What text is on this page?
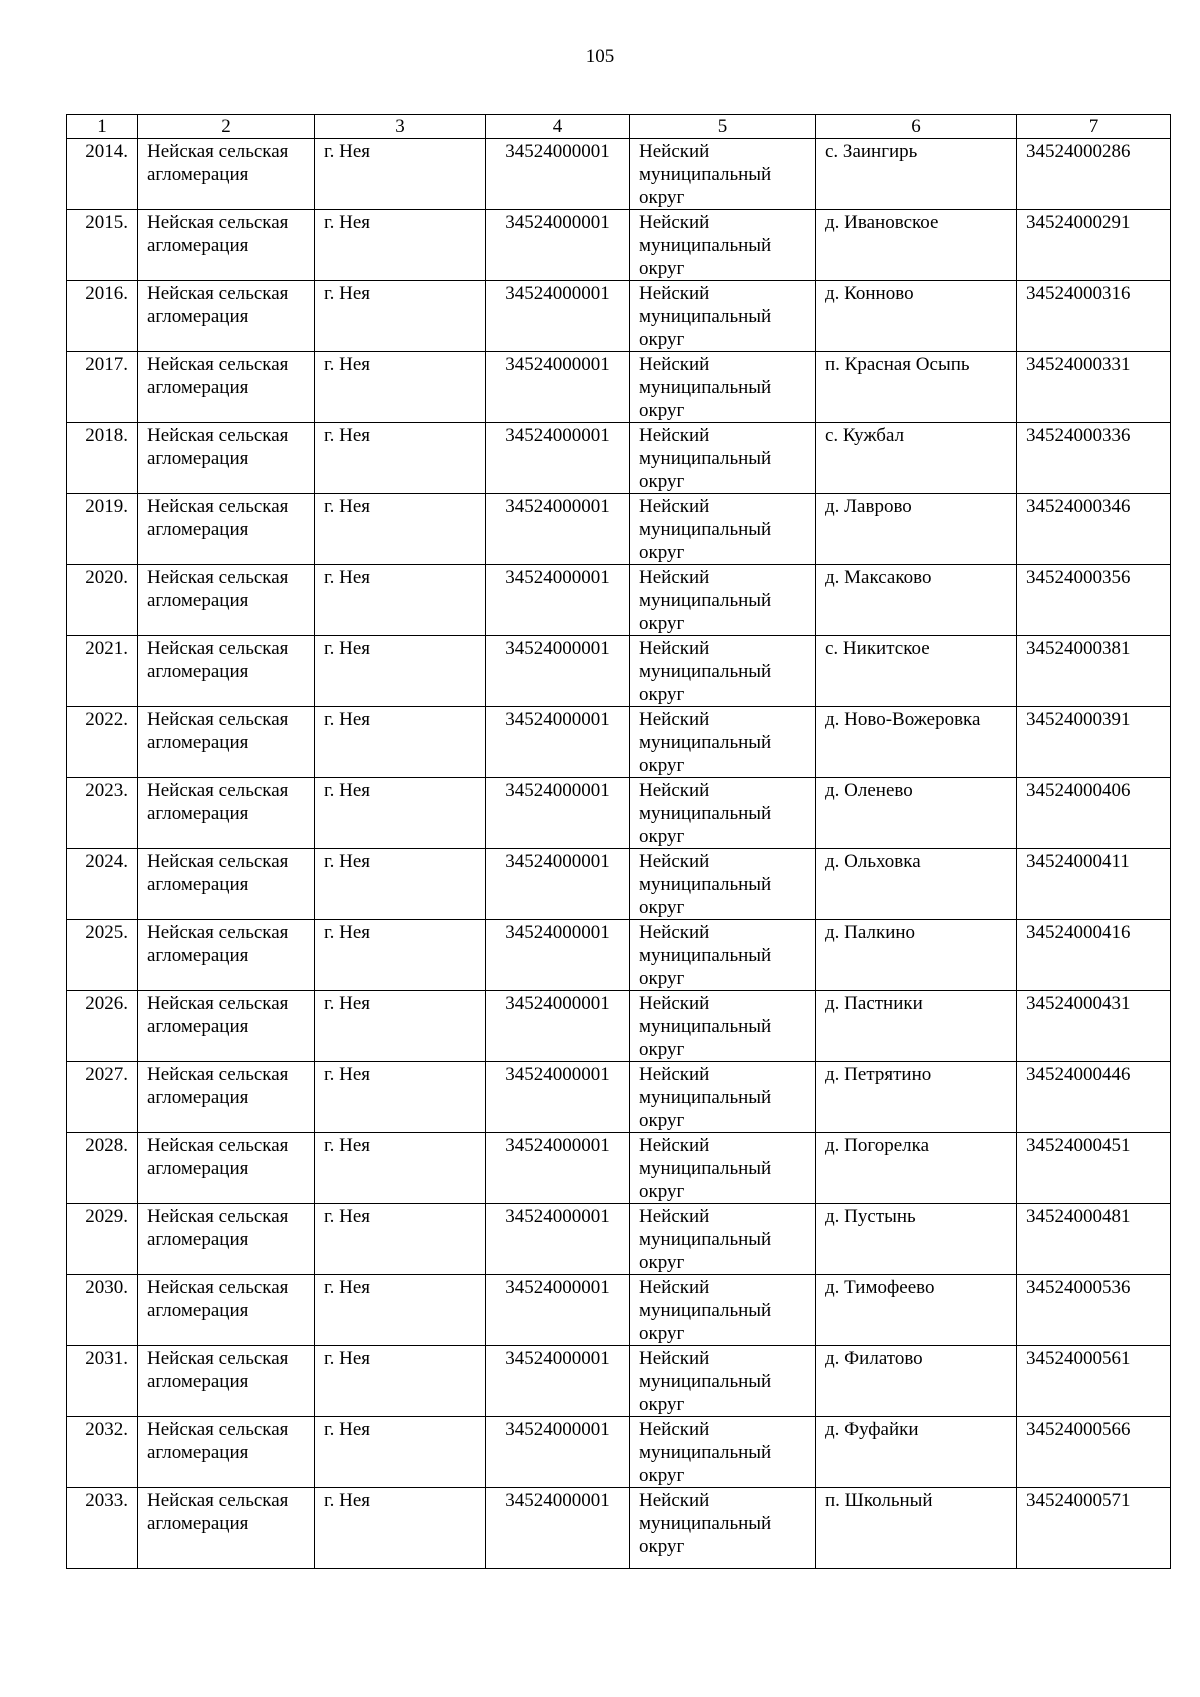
105
1	2	3	4	5	6	7
2014.	Нейская сельская агломерация	г. Нея	34524000001	Нейский муниципальный округ	с. Заингирь	34524000286
2015.	Нейская сельская агломерация	г. Нея	34524000001	Нейский муниципальный округ	д. Ивановское	34524000291
2016.	Нейская сельская агломерация	г. Нея	34524000001	Нейский муниципальный округ	д. Конново	34524000316
2017.	Нейская сельская агломерация	г. Нея	34524000001	Нейский муниципальный округ	п. Красная Осыпь	34524000331
2018.	Нейская сельская агломерация	г. Нея	34524000001	Нейский муниципальный округ	с. Кужбал	34524000336
2019.	Нейская сельская агломерация	г. Нея	34524000001	Нейский муниципальный округ	д. Лаврово	34524000346
2020.	Нейская сельская агломерация	г. Нея	34524000001	Нейский муниципальный округ	д. Максаково	34524000356
2021.	Нейская сельская агломерация	г. Нея	34524000001	Нейский муниципальный округ	с. Никитское	34524000381
2022.	Нейская сельская агломерация	г. Нея	34524000001	Нейский муниципальный округ	д. Ново-Вожеровка	34524000391
2023.	Нейская сельская агломерация	г. Нея	34524000001	Нейский муниципальный округ	д. Оленево	34524000406
2024.	Нейская сельская агломерация	г. Нея	34524000001	Нейский муниципальный округ	д. Ольховка	34524000411
2025.	Нейская сельская агломерация	г. Нея	34524000001	Нейский муниципальный округ	д. Палкино	34524000416
2026.	Нейская сельская агломерация	г. Нея	34524000001	Нейский муниципальный округ	д. Пастники	34524000431
2027.	Нейская сельская агломерация	г. Нея	34524000001	Нейский муниципальный округ	д. Петрятино	34524000446
2028.	Нейская сельская агломерация	г. Нея	34524000001	Нейский муниципальный округ	д. Погорелка	34524000451
2029.	Нейская сельская агломерация	г. Нея	34524000001	Нейский муниципальный округ	д. Пустынь	34524000481
2030.	Нейская сельская агломерация	г. Нея	34524000001	Нейский муниципальный округ	д. Тимофеево	34524000536
2031.	Нейская сельская агломерация	г. Нея	34524000001	Нейский муниципальный округ	д. Филатово	34524000561
2032.	Нейская сельская агломерация	г. Нея	34524000001	Нейский муниципальный округ	д. Фуфайки	34524000566
2033.	Нейская сельская агломерация	г. Нея	34524000001	Нейский муниципальный округ	п. Школьный	34524000571
